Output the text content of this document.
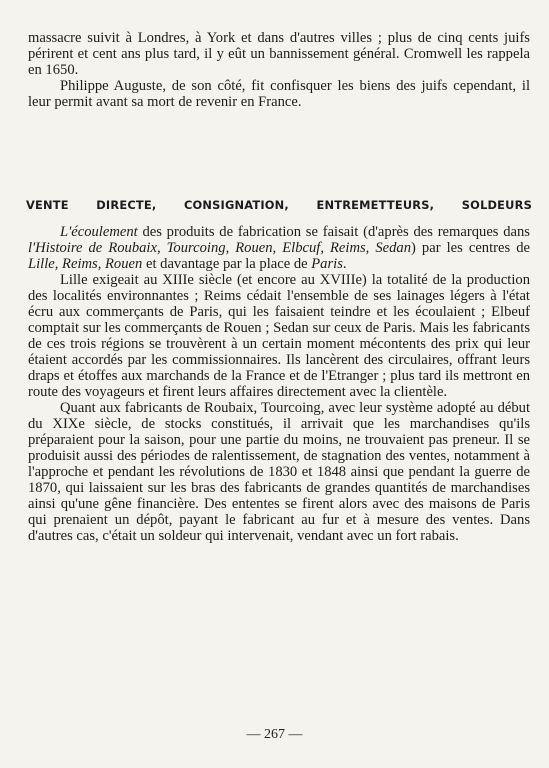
massacre suivit à Londres, à York et dans d'autres villes ; plus de cinq cents juifs périrent et cent ans plus tard, il y eût un bannissement général. Cromwell les rappela en 1650.

Philippe Auguste, de son côté, fit confisquer les biens des juifs cependant, il leur permit avant sa mort de revenir en France.

VENTE DIRECTE, CONSIGNATION, ENTREMETTEURS, SOLDEURS

L'écoulement des produits de fabrication se faisait (d'après des remarques dans l'Histoire de Roubaix, Tourcoing, Rouen, Elbcuf, Reims, Sedan) par les centres de Lille, Reims, Rouen et davantage par la place de Paris.

Lille exigeait au XIIIe siècle (et encore au XVIIIe) la totalité de la production des localités environnantes ; Reims cédait l'ensemble de ses lainages légers à l'état écru aux commerçants de Paris, qui les faisaient teindre et les écoulaient ; Elbeuf comptait sur les commerçants de Rouen ; Sedan sur ceux de Paris. Mais les fabricants de ces trois régions se trouvèrent à un certain moment mécontents des prix qui leur étaient accordés par les commissionnaires. Ils lancèrent des circulaires, offrant leurs draps et étoffes aux marchands de la France et de l'Etranger ; plus tard ils mettront en route des voyageurs et firent leurs affaires directement avec la clientèle.

Quant aux fabricants de Roubaix, Tourcoing, avec leur système adopté au début du XIXe siècle, de stocks constitués, il arrivait que les marchandises qu'ils préparaient pour la saison, pour une partie du moins, ne trouvaient pas preneur. Il se produisit aussi des périodes de ralentissement, de stagnation des ventes, notamment à l'approche et pendant les révolutions de 1830 et 1848 ainsi que pendant la guerre de 1870, qui laissaient sur les bras des fabricants de grandes quantités de marchandises ainsi qu'une gêne financière. Des ententes se firent alors avec des maisons de Paris qui prenaient un dépôt, payant le fabricant au fur et à mesure des ventes. Dans d'autres cas, c'était un soldeur qui intervenait, vendant avec un fort rabais.

— 267 —
